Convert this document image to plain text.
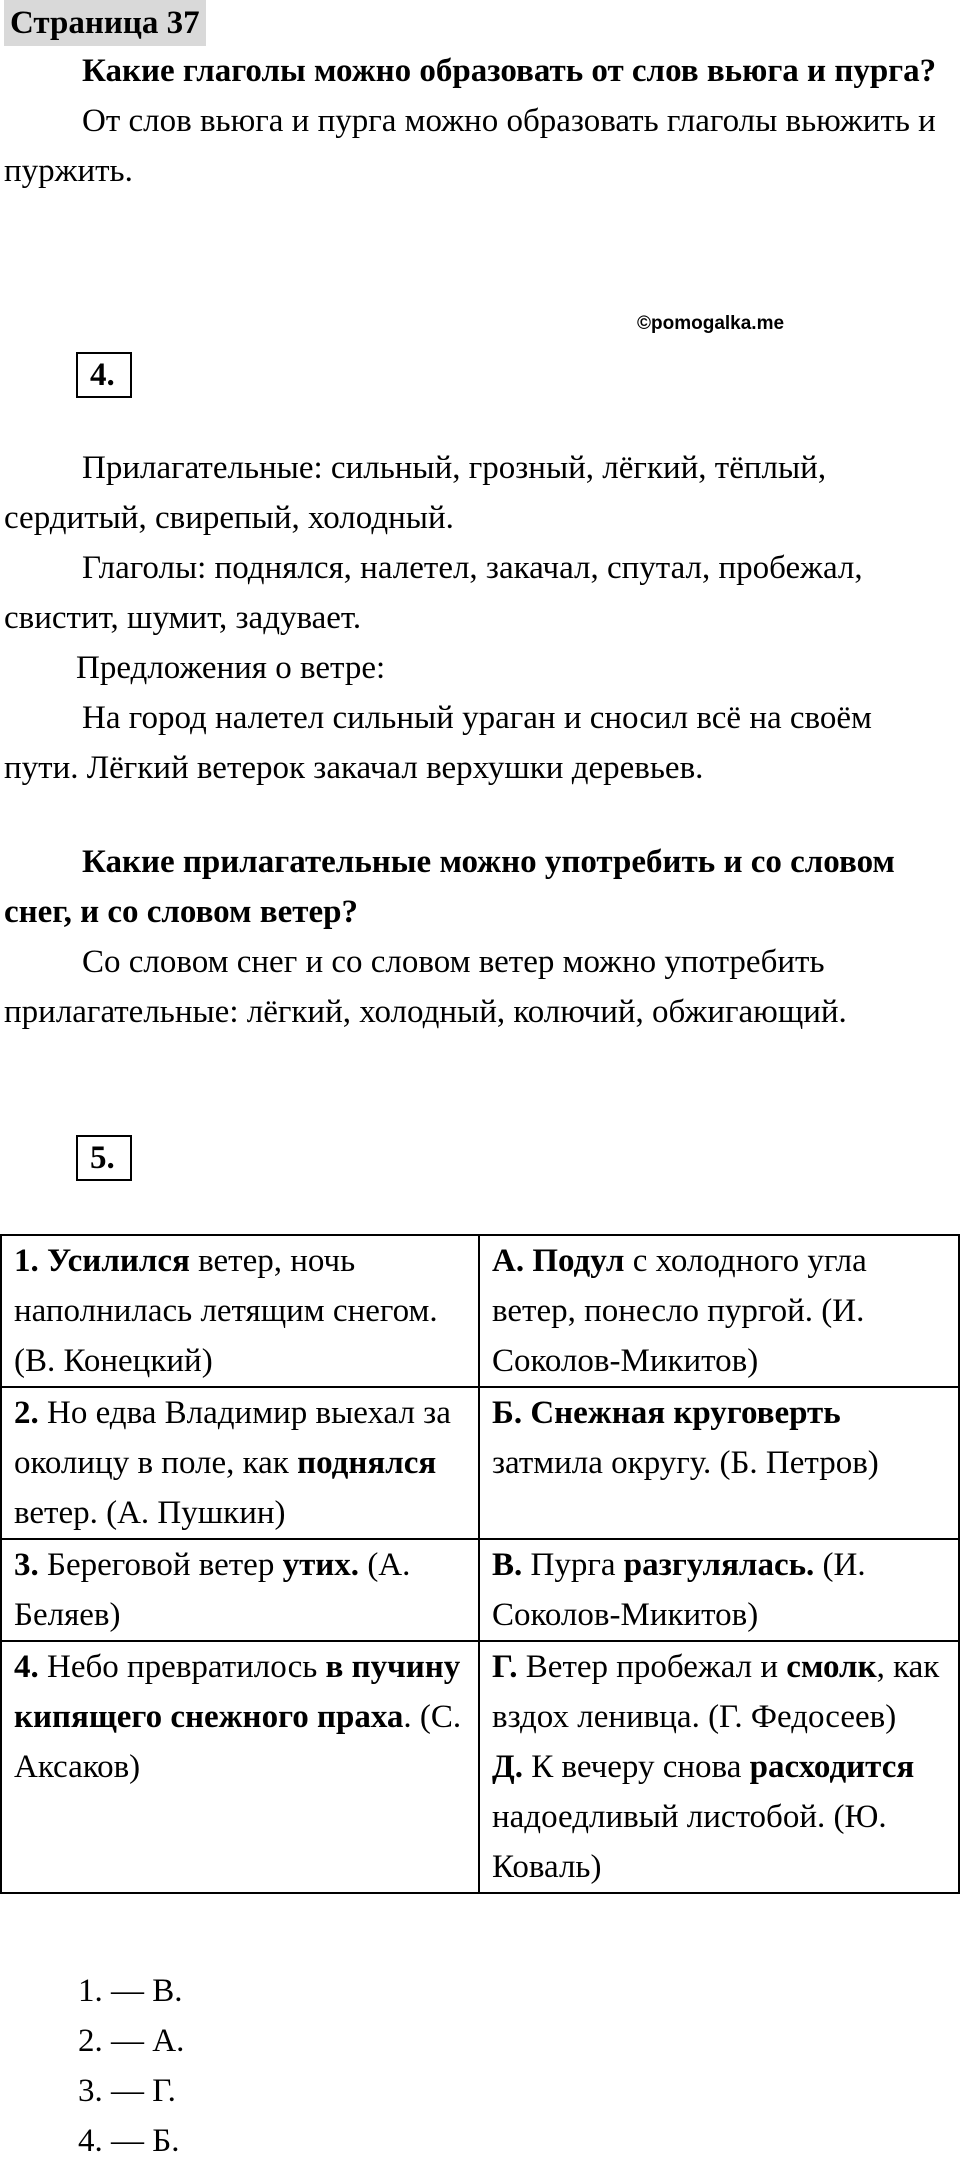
Страница 37

Какие глаголы можно образовать от слов вьюга и пурга?

От слов вьюга и пурга можно образовать глаголы вьюжить и пуржить.

©pomogalka.me
4.

Прилагательные: сильный, грозный, лёгкий, тёплый, сердитый, свирепый, холодный.

Глаголы: поднялся, налетел, закачал, спутал, пробежал, свистит, шумит, задувает.

Предложения о ветре:

На город налетел сильный ураган и сносил всё на своём пути. Лёгкий ветерок закачал верхушки деревьев.

Какие прилагательные можно употребить и со словом снег, и со словом ветер?

Со словом снег и со словом ветер можно употребить прилагательные: лёгкий, холодный, колючий, обжигающий.

5.
1. Усилился ветер, ночь наполнилась летящим снегом. (В. Конецкий)	А. Подул с холодного угла ветер, понесло пургой. (И. Соколов-Микитов)
2. Но едва Владимир выехал за околицу в поле, как поднялся ветер. (А. Пушкин)	Б. Снежная круговерть затмила округу. (Б. Петров)
3. Береговой ветер утих. (А. Беляев)	В. Пурга разгулялась. (И. Соколов-Микитов)
4. Небо превратилось в пучину кипящего снежного праха. (С. Аксаков)	Г. Ветер пробежал и смолк, как вздох ленивца. (Г. Федосеев)
Д. К вечеру снова расходится надоедливый листобой. (Ю. Коваль)
1. — В.
2. — А.
3. — Г.
4. — Б.
